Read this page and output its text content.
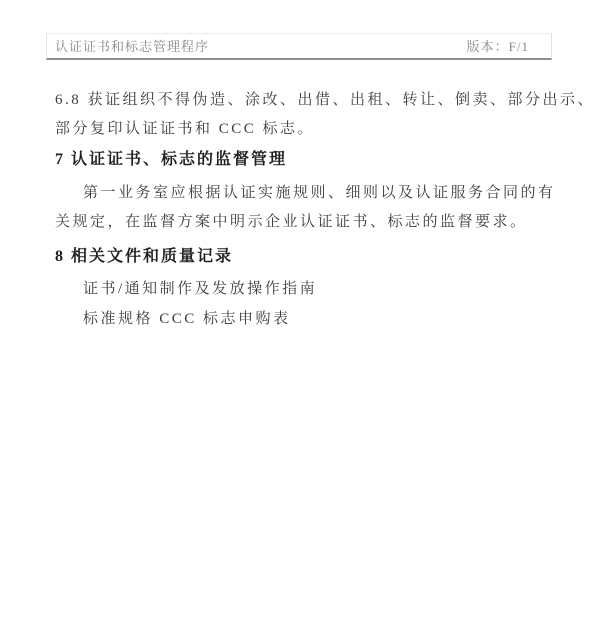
认证证书和标志管理程序	版本：F/1

6.8 获证组织不得伪造、涂改、出借、出租、转让、倒卖、部分出示、
部分复印认证证书和 CCC 标志。

7 认证证书、标志的监督管理

第一业务室应根据认证实施规则、细则以及认证服务合同的有
关规定，在监督方案中明示企业认证证书、标志的监督要求。

8 相关文件和质量记录

证书/通知制作及发放操作指南
标准规格 CCC 标志申购表
